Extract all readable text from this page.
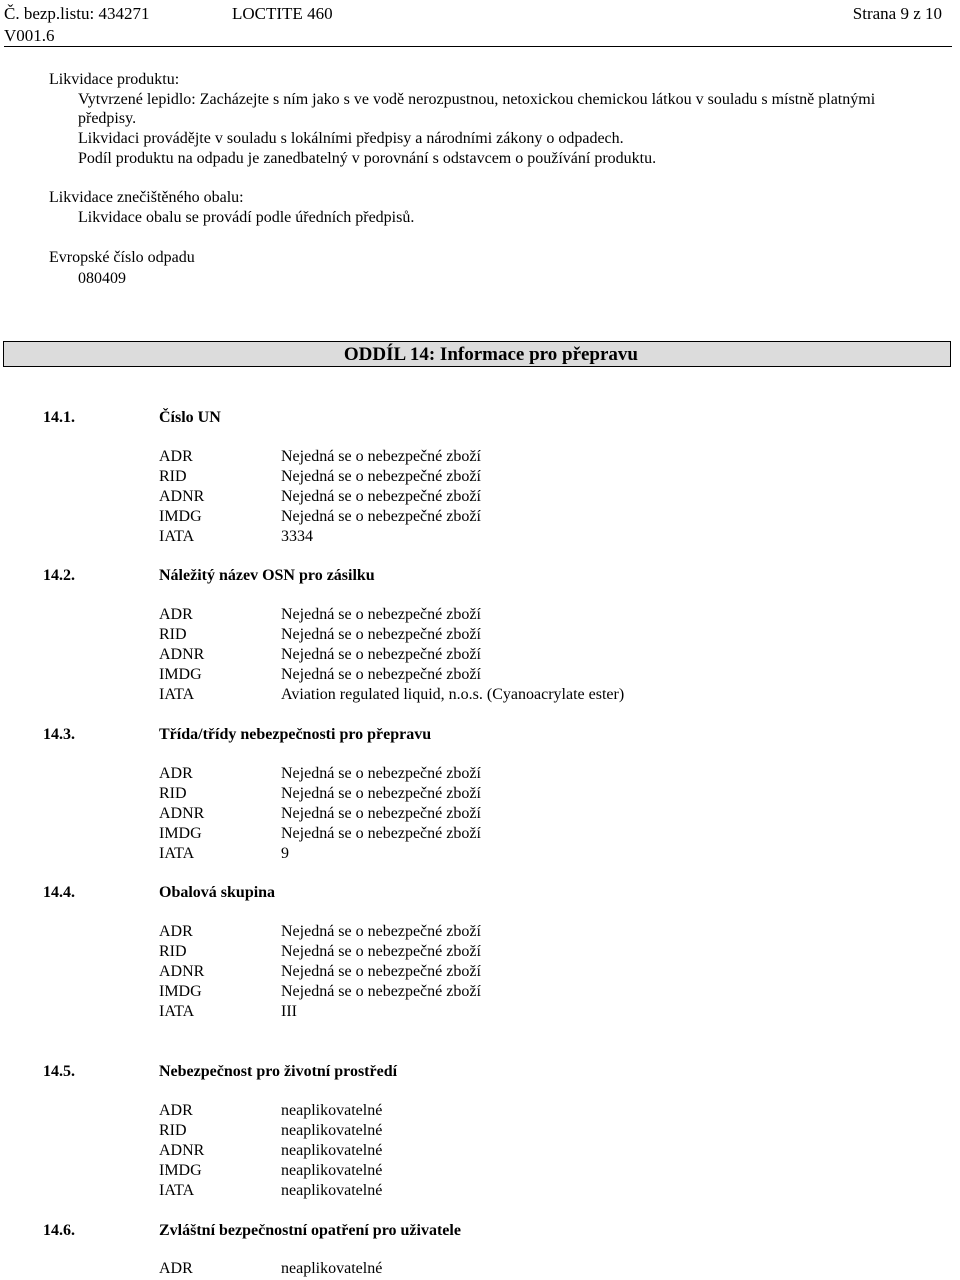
Č. bezp.listu: 434271	LOCTITE 460	Strana 9 z 10
V001.6
Likvidace produktu:
Vytvrzené lepidlo: Zacházejte s ním jako s ve vodě nerozpustnou, netoxickou chemickou látkou v souladu s místně platnými
předpisy.
Likvidaci provádějte v souladu s lokálními předpisy a národními zákony o odpadech.
Podíl produktu na odpadu je zanedbatelný v porovnání s odstavcem o používání produktu.
Likvidace znečištěného obalu:
Likvidace obalu se provádí podle úředních předpisů.
Evropské číslo odpadu
080409
ODDÍL 14: Informace pro přepravu
14.1.	Číslo UN
ADR	Nejedná se o nebezpečné zboží
RID	Nejedná se o nebezpečné zboží
ADNR	Nejedná se o nebezpečné zboží
IMDG	Nejedná se o nebezpečné zboží
IATA	3334
14.2.	Náležitý název OSN pro zásilku
ADR	Nejedná se o nebezpečné zboží
RID	Nejedná se o nebezpečné zboží
ADNR	Nejedná se o nebezpečné zboží
IMDG	Nejedná se o nebezpečné zboží
IATA	Aviation regulated liquid, n.o.s. (Cyanoacrylate ester)
14.3.	Třída/třídy nebezpečnosti pro přepravu
ADR	Nejedná se o nebezpečné zboží
RID	Nejedná se o nebezpečné zboží
ADNR	Nejedná se o nebezpečné zboží
IMDG	Nejedná se o nebezpečné zboží
IATA	9
14.4.	Obalová skupina
ADR	Nejedná se o nebezpečné zboží
RID	Nejedná se o nebezpečné zboží
ADNR	Nejedná se o nebezpečné zboží
IMDG	Nejedná se o nebezpečné zboží
IATA	III
14.5.	Nebezpečnost pro životní prostředí
ADR	neaplikovatelné
RID	neaplikovatelné
ADNR	neaplikovatelné
IMDG	neaplikovatelné
IATA	neaplikovatelné
14.6.	Zvláštní bezpečnostní opatření pro uživatele
ADR	neaplikovatelné
